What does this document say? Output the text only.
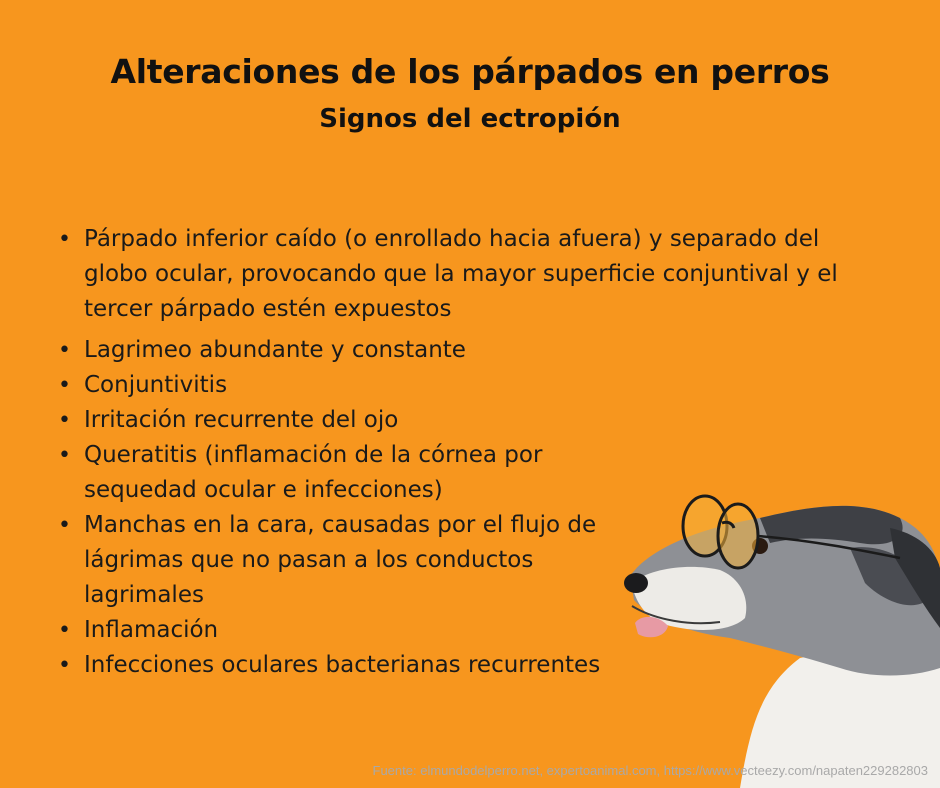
Alteraciones de los párpados en perros
Signos del ectropión
• Párpado inferior caído (o enrollado hacia afuera) y separado del globo ocular, provocando que la mayor superficie conjuntival y el tercer párpado estén expuestos
• Lagrimeo abundante y constante
• Conjuntivitis
• Irritación recurrente del ojo
• Queratitis (inflamación de la córnea por sequedad ocular e infecciones)
• Manchas en la cara, causadas por el flujo de lágrimas que no pasan a los conductos lagrimales
• Inflamación
• Infecciones oculares bacterianas recurrentes
Fuente: elmundodelperro.net, expertoanimal.com, https://www.vecteezy.com/napaten229282803
